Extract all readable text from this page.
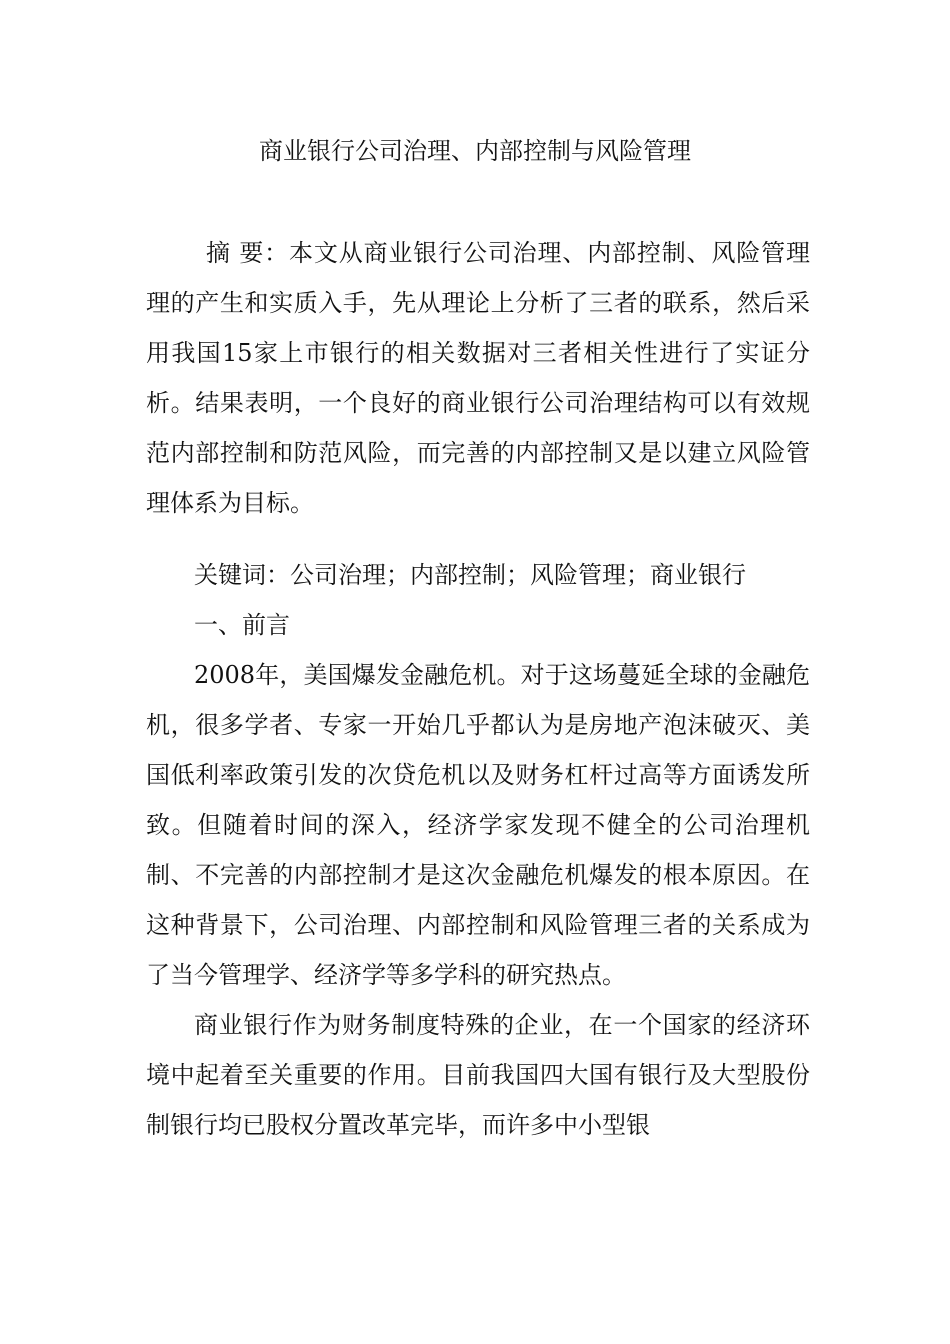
商业银行公司治理、内部控制与风险管理

摘 要：本文从商业银行公司治理、内部控制、风险管理理的产生和实质入手，先从理论上分析了三者的联系，然后采用我国15家上市银行的相关数据对三者相关性进行了实证分析。结果表明，一个良好的商业银行公司治理结构可以有效规范内部控制和防范风险，而完善的内部控制又是以建立风险管理体系为目标。

关键词：公司治理；内部控制；风险管理；商业银行

一、前言

2008年，美国爆发金融危机。对于这场蔓延全球的金融危机，很多学者、专家一开始几乎都认为是房地产泡沫破灭、美国低利率政策引发的次贷危机以及财务杠杆过高等方面诱发所致。但随着时间的深入，经济学家发现不健全的公司治理机制、不完善的内部控制才是这次金融危机爆发的根本原因。在这种背景下，公司治理、内部控制和风险管理三者的关系成为了当今管理学、经济学等多学科的研究热点。

商业银行作为财务制度特殊的企业，在一个国家的经济环境中起着至关重要的作用。目前我国四大国有银行及大型股份制银行均已股权分置改革完毕，而许多中小型银
